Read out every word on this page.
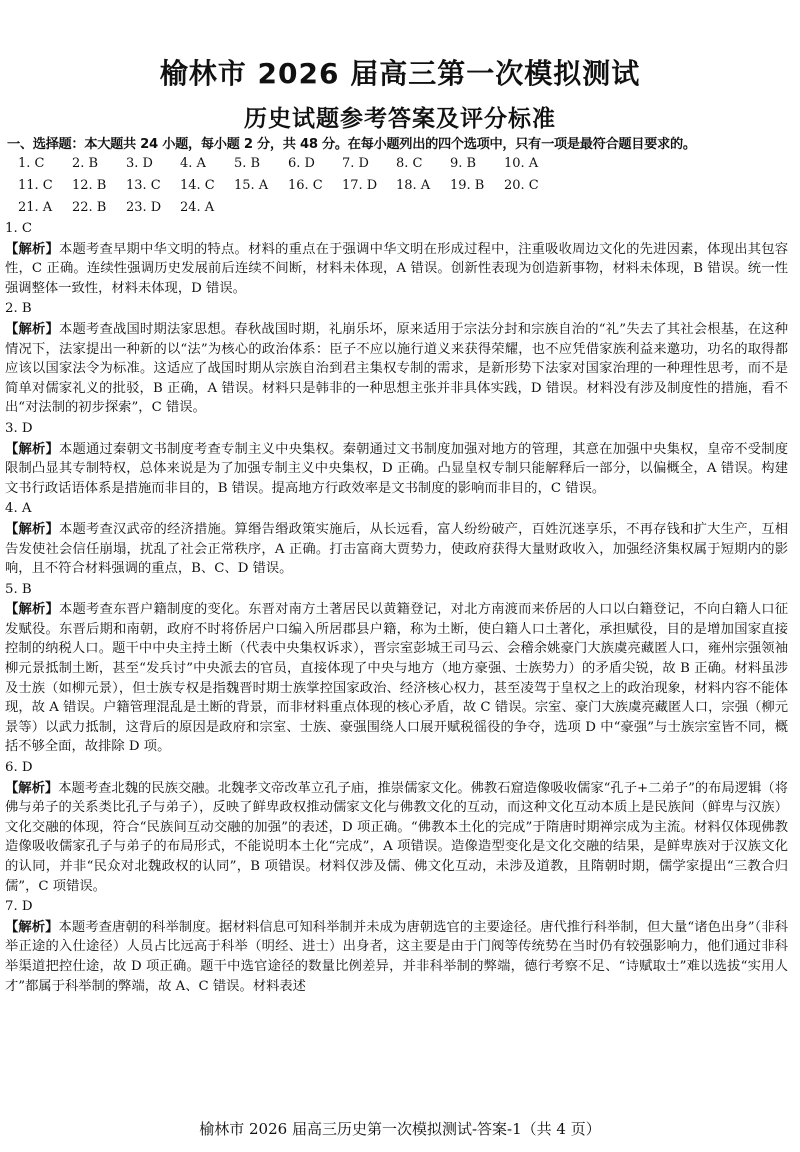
榆林市 2026 届高三第一次模拟测试
历史试题参考答案及评分标准
一、选择题：本大题共 24 小题，每小题 2 分，共 48 分。在每小题列出的四个选项中，只有一项是最符合题目要求的。
1. C	2. B	3. D	4. A	5. B	6. D	7. D	8. C	9. B	10. A
11. C	12. B	13. C	14. C	15. A	16. C	17. D	18. A	19. B	20. C
21. A	22. B	23. D	24. A
1. C

【解析】本题考查早期中华文明的特点。材料的重点在于强调中华文明在形成过程中，注重吸收周边文化的先进因素，体现出其包容性，C 正确。连续性强调历史发展前后连续不间断，材料未体现，A 错误。创新性表现为创造新事物，材料未体现，B 错误。统一性强调整体一致性，材料未体现，D 错误。

2. B

【解析】本题考查战国时期法家思想。春秋战国时期，礼崩乐坏，原来适用于宗法分封和宗族自治的“礼”失去了其社会根基，在这种情况下，法家提出一种新的以“法”为核心的政治体系：臣子不应以施行道义来获得荣耀，也不应凭借家族利益来邀功，功名的取得都应该以国家法令为标准。这适应了战国时期从宗族自治到君主集权专制的需求，是新形势下法家对国家治理的一种理性思考，而不是简单对儒家礼义的批驳，B 正确，A 错误。材料只是韩非的一种思想主张并非具体实践，D 错误。材料没有涉及制度性的措施，看不出“对法制的初步探索”，C 错误。

3. D

【解析】本题通过秦朝文书制度考查专制主义中央集权。秦朝通过文书制度加强对地方的管理，其意在加强中央集权，皇帝不受制度限制凸显其专制特权，总体来说是为了加强专制主义中央集权，D 正确。凸显皇权专制只能解释后一部分，以偏概全，A 错误。构建文书行政话语体系是措施而非目的，B 错误。提高地方行政效率是文书制度的影响而非目的，C 错误。

4. A

【解析】本题考查汉武帝的经济措施。算缗告缗政策实施后，从长远看，富人纷纷破产，百姓沉迷享乐，不再存钱和扩大生产，互相告发使社会信任崩塌，扰乱了社会正常秩序，A 正确。打击富商大贾势力，使政府获得大量财政收入，加强经济集权属于短期内的影响，且不符合材料强调的重点，B、C、D 错误。

5. B

【解析】本题考查东晋户籍制度的变化。东晋对南方土著居民以黄籍登记，对北方南渡而来侨居的人口以白籍登记，不向白籍人口征发赋役。东晋后期和南朝，政府不时将侨居户口编入所居郡县户籍，称为土断，使白籍人口土著化，承担赋役，目的是增加国家直接控制的纳税人口。题干中中央主持土断（代表中央集权诉求），晋宗室彭城王司马云、会稽余姚豪门大族虞亮藏匿人口，雍州宗强领袖柳元景抵制土断，甚至“发兵讨”中央派去的官员，直接体现了中央与地方（地方豪强、士族势力）的矛盾尖锐，故 B 正确。材料虽涉及士族（如柳元景），但士族专权是指魏晋时期士族掌控国家政治、经济核心权力，甚至凌驾于皇权之上的政治现象，材料内容不能体现，故 A 错误。户籍管理混乱是土断的背景，而非材料重点体现的核心矛盾，故 C 错误。宗室、豪门大族虞亮藏匿人口，宗强（柳元景等）以武力抵制，这背后的原因是政府和宗室、士族、豪强围绕人口展开赋税徭役的争夺，选项 D 中“豪强”与士族宗室皆不同，概括不够全面，故排除 D 项。

6. D

【解析】本题考查北魏的民族交融。北魏孝文帝改革立孔子庙，推崇儒家文化。佛教石窟造像吸收儒家“孔子+二弟子”的布局逻辑（将佛与弟子的关系类比孔子与弟子），反映了鲜卑政权推动儒家文化与佛教文化的互动，而这种文化互动本质上是民族间（鲜卑与汉族）文化交融的体现，符合“民族间互动交融的加强”的表述，D 项正确。“佛教本土化的完成”于隋唐时期禅宗成为主流。材料仅体现佛教造像吸收儒家孔子与弟子的布局形式，不能说明本土化“完成”，A 项错误。造像造型变化是文化交融的结果，是鲜卑族对于汉族文化的认同，并非“民众对北魏政权的认同”，B 项错误。材料仅涉及儒、佛文化互动，未涉及道教，且隋朝时期，儒学家提出“三教合归儒”，C 项错误。

7. D

【解析】本题考查唐朝的科举制度。据材料信息可知科举制并未成为唐朝选官的主要途径。唐代推行科举制，但大量“诸色出身”（非科举正途的入仕途径）人员占比远高于科举（明经、进士）出身者，这主要是由于门阀等传统势在当时仍有较强影响力，他们通过非科举渠道把控仕途，故 D 项正确。题干中选官途径的数量比例差异，并非科举制的弊端，德行考察不足、“诗赋取士”难以选拔“实用人才”都属于科举制的弊端，故 A、C 错误。材料表述

榆林市 2026 届高三历史第一次模拟测试-答案-1（共 4 页）
